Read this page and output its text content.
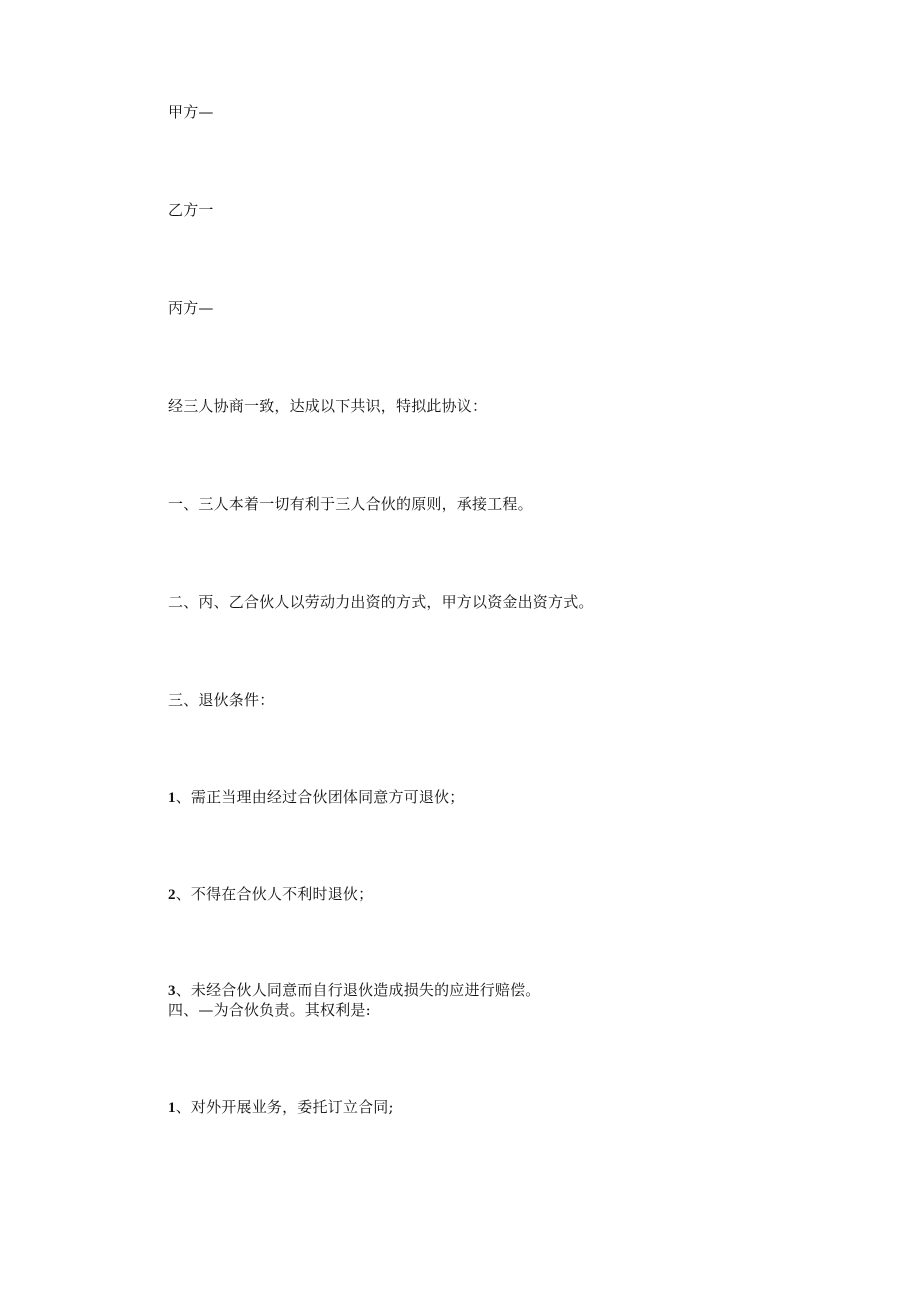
甲方—

乙方一

丙方—

经三人协商一致，达成以下共识，特拟此协议：

一、三人本着一切有利于三人合伙的原则，承接工程。

二、丙、乙合伙人以劳动力出资的方式，甲方以资金出资方式。

三、退伙条件：

1、需正当理由经过合伙团体同意方可退伙；

2、不得在合伙人不利时退伙；

3、未经合伙人同意而自行退伙造成损失的应进行赔偿。

四、—为合伙负责。其权利是:

1、对外开展业务，委托订立合同;
